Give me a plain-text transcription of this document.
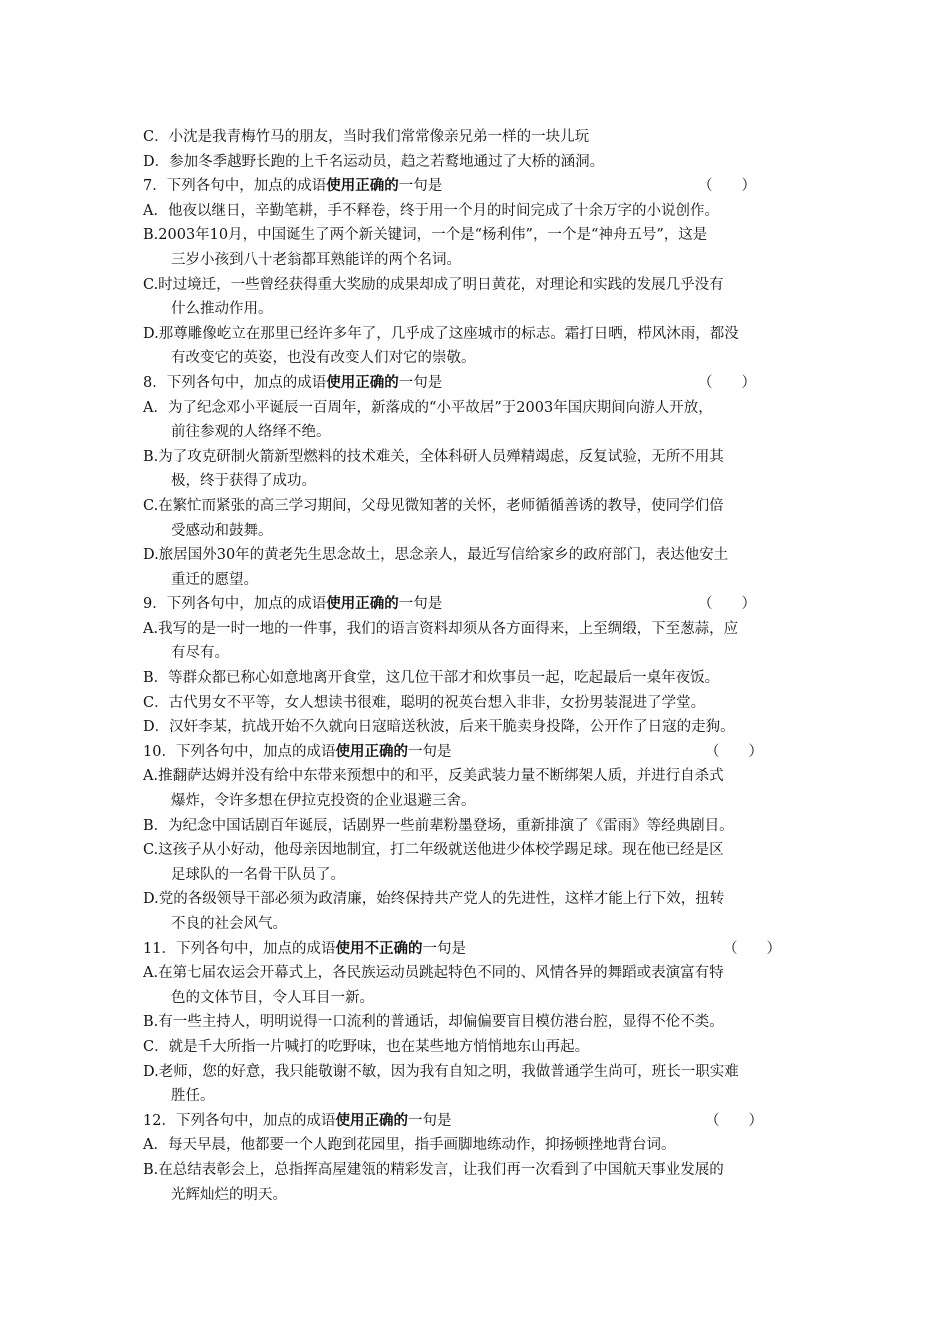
C．小沈是我青梅竹马的朋友，当时我们常常像亲兄弟一样的一块儿玩
D．参加冬季越野长跑的上千名运动员，趋之若鹜地通过了大桥的涵洞。
7．下列各句中，加点的成语使用正确的一句是	（　　）
A．他夜以继日，辛勤笔耕，手不释卷，终于用一个月的时间完成了十余万字的小说创作。
B.2003年10月，中国诞生了两个新关键词，一个是“杨利伟”，一个是“神舟五号”，这是
三岁小孩到八十老翁都耳熟能详的两个名词。
C.时过境迁，一些曾经获得重大奖励的成果却成了明日黄花，对理论和实践的发展几乎没有
什么推动作用。
D.那尊雕像屹立在那里已经许多年了，几乎成了这座城市的标志。霜打日晒，栉风沐雨，都没
有改变它的英姿，也没有改变人们对它的崇敬。
8．下列各句中，加点的成语使用正确的一句是	（　　）
A．为了纪念邓小平诞辰一百周年，新落成的“小平故居”于2003年国庆期间向游人开放，
前往参观的人络绎不绝。
B.为了攻克研制火箭新型燃料的技术难关，全体科研人员殚精竭虑，反复试验，无所不用其
极，终于获得了成功。
C.在繁忙而紧张的高三学习期间，父母见微知著的关怀，老师循循善诱的教导，使同学们倍
受感动和鼓舞。
D.旅居国外30年的黄老先生思念故土，思念亲人，最近写信给家乡的政府部门，表达他安土
重迁的愿望。
9．下列各句中，加点的成语使用正确的一句是	（　　）
A.我写的是一时一地的一件事，我们的语言资料却须从各方面得来，上至绸缎，下至葱蒜，应
有尽有。
B．等群众都已称心如意地离开食堂，这几位干部才和炊事员一起，吃起最后一桌年夜饭。
C．古代男女不平等，女人想读书很难，聪明的祝英台想入非非，女扮男装混进了学堂。
D．汉奸李某，抗战开始不久就向日寇暗送秋波，后来干脆卖身投降，公开作了日寇的走狗。
10．下列各句中，加点的成语使用正确的一句是	（　　）
A.推翻萨达姆并没有给中东带来预想中的和平，反美武装力量不断绑架人质，并进行自杀式
爆炸，令许多想在伊拉克投资的企业退避三舍。
B．为纪念中国话剧百年诞辰，话剧界一些前辈粉墨登场，重新排演了《雷雨》等经典剧目。
C.这孩子从小好动，他母亲因地制宜，打二年级就送他进少体校学踢足球。现在他已经是区
足球队的一名骨干队员了。
D.党的各级领导干部必须为政清廉，始终保持共产党人的先进性，这样才能上行下效，扭转
不良的社会风气。
11．下列各句中，加点的成语使用不正确的一句是	（　　）
A.在第七届农运会开幕式上，各民族运动员跳起特色不同的、风情各异的舞蹈或表演富有特
色的文体节目，令人耳目一新。
B.有一些主持人，明明说得一口流利的普通话，却偏偏要盲目模仿港台腔，显得不伦不类。
C．就是千大所指一片喊打的吃野味，也在某些地方悄悄地东山再起。
D.老师，您的好意，我只能敬谢不敏，因为我有自知之明，我做普通学生尚可，班长一职实难
胜任。
12．下列各句中，加点的成语使用正确的一句是	（　　）
A．每天早晨，他都要一个人跑到花园里，指手画脚地练动作，抑扬顿挫地背台词。
B.在总结表彰会上，总指挥高屋建瓴的精彩发言，让我们再一次看到了中国航天事业发展的
光辉灿烂的明天。
